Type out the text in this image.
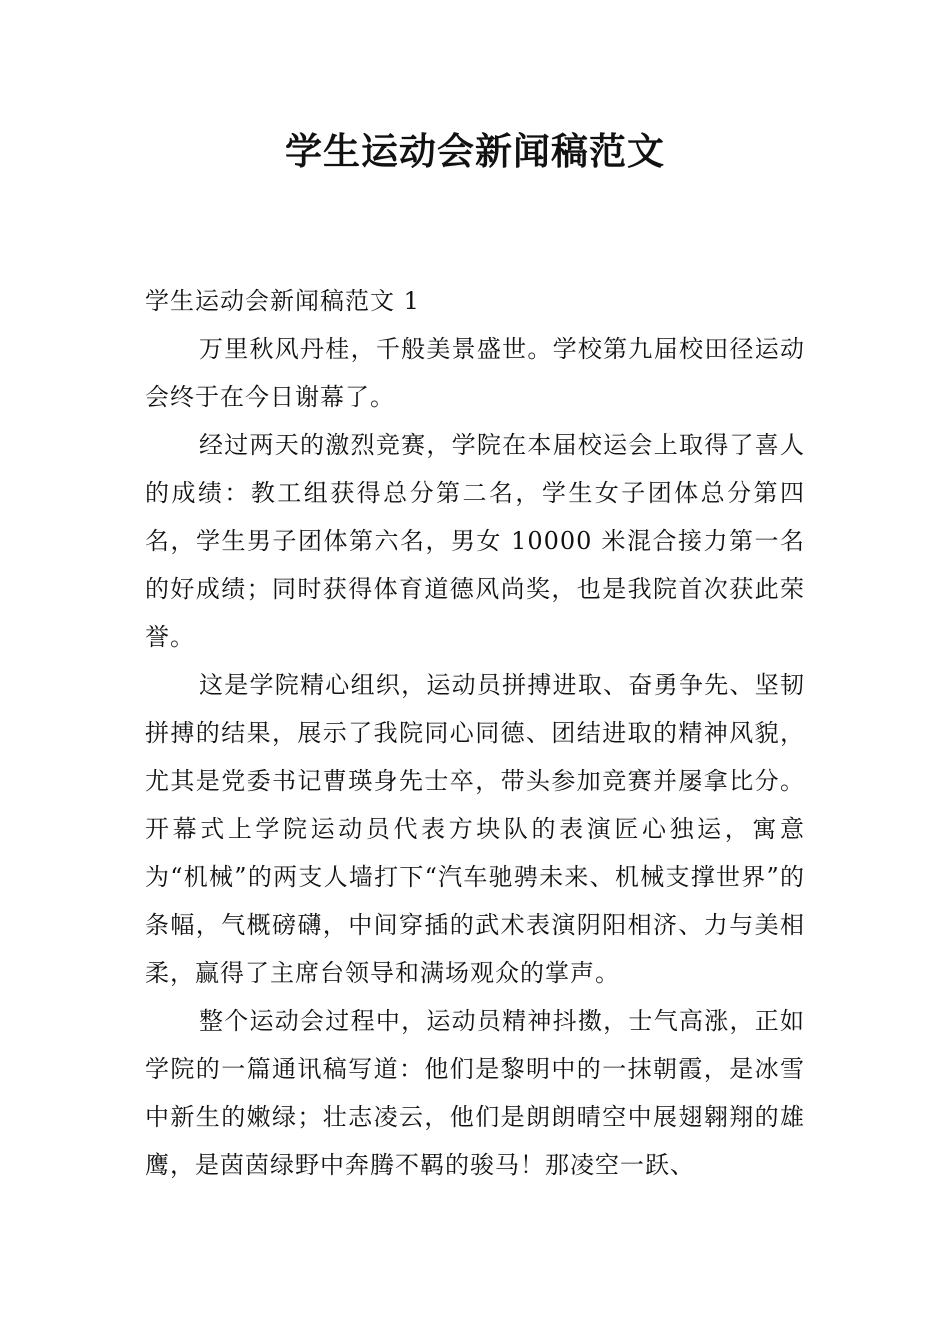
学生运动会新闻稿范文
学生运动会新闻稿范文 1

万里秋风丹桂，千般美景盛世。学校第九届校田径运动会终于在今日谢幕了。

经过两天的激烈竞赛，学院在本届校运会上取得了喜人的成绩：教工组获得总分第二名，学生女子团体总分第四名，学生男子团体第六名，男女 10000 米混合接力第一名的好成绩；同时获得体育道德风尚奖，也是我院首次获此荣誉。

这是学院精心组织，运动员拼搏进取、奋勇争先、坚韧拼搏的结果，展示了我院同心同德、团结进取的精神风貌，尤其是党委书记曹瑛身先士卒，带头参加竞赛并屡拿比分。开幕式上学院运动员代表方块队的表演匠心独运，寓意为“机械”的两支人墙打下“汽车驰骋未来、机械支撑世界”的条幅，气概磅礴，中间穿插的武术表演阴阳相济、力与美相柔，赢得了主席台领导和满场观众的掌声。

整个运动会过程中，运动员精神抖擞，士气高涨，正如学院的一篇通讯稿写道：他们是黎明中的一抹朝霞，是冰雪中新生的嫩绿；壮志凌云，他们是朗朗晴空中展翅翱翔的雄鹰，是茵茵绿野中奔腾不羁的骏马！那凌空一跃、
